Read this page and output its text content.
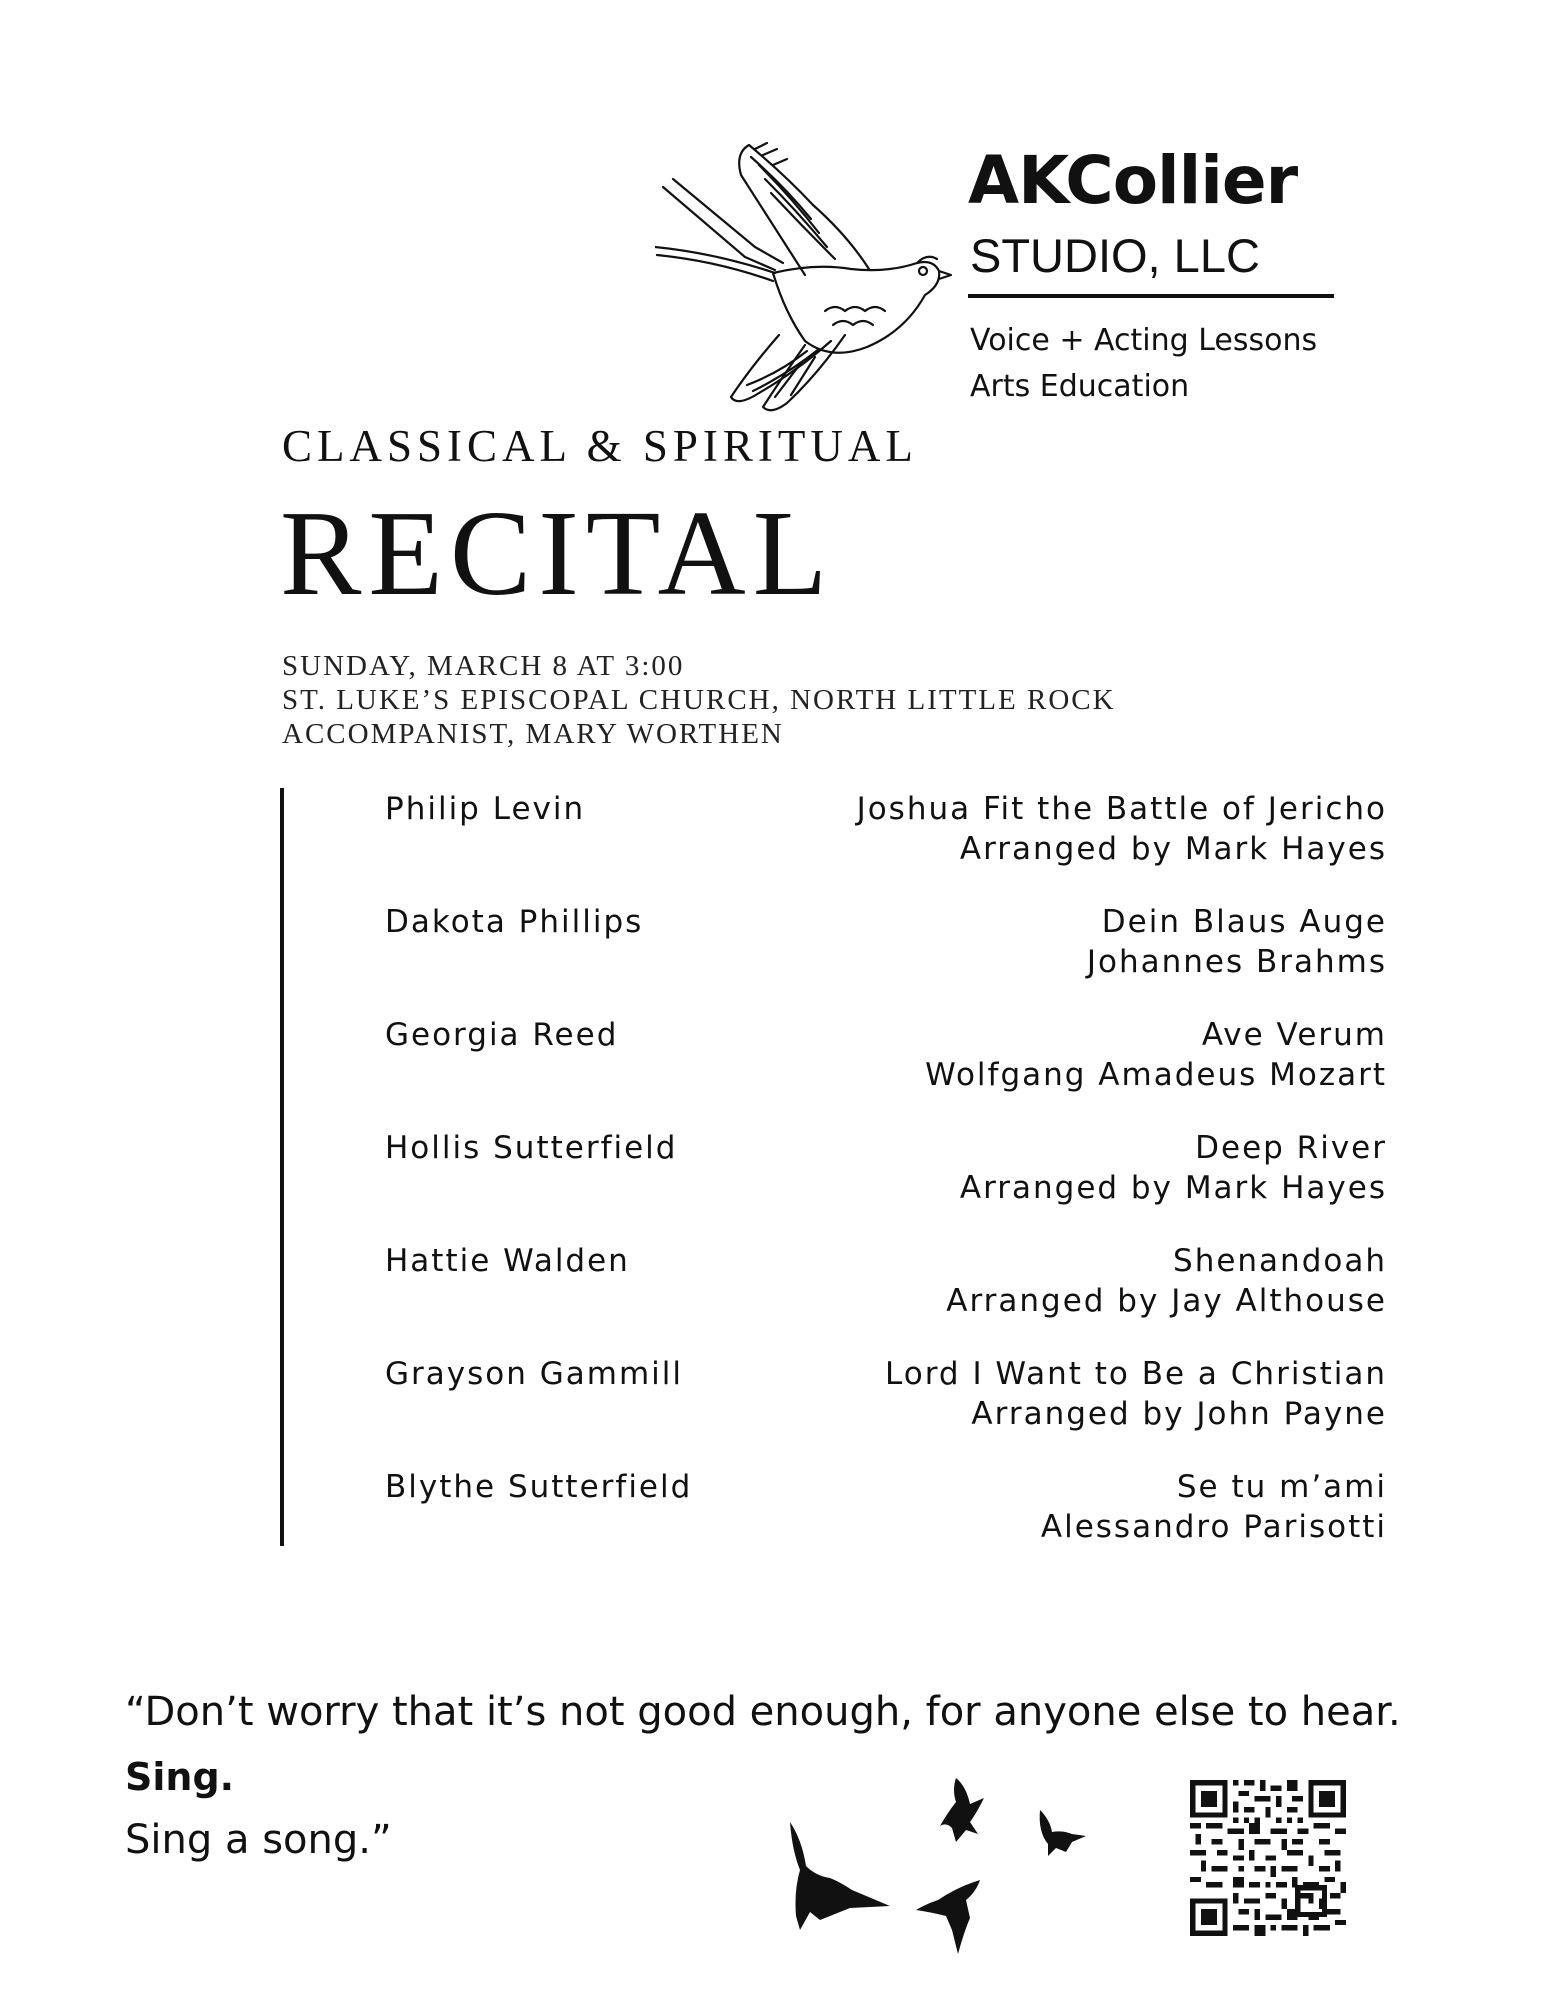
AKCollier
STUDIO, LLC
Voice + Acting Lessons
Arts Education
CLASSICAL & SPIRITUAL
RECITAL
SUNDAY, MARCH 8 AT 3:00
ST. LUKE’S EPISCOPAL CHURCH, NORTH LITTLE ROCK
ACCOMPANIST, MARY WORTHEN
Philip Levin	Joshua Fit the Battle of Jericho
Arranged by Mark Hayes
Dakota Phillips	Dein Blaus Auge
Johannes Brahms
Georgia Reed	Ave Verum
Wolfgang Amadeus Mozart
Hollis Sutterfield	Deep River
Arranged by Mark Hayes
Hattie Walden	Shenandoah
Arranged by Jay Althouse
Grayson Gammill	Lord I Want to Be a Christian
Arranged by John Payne
Blythe Sutterfield	Se tu m’ami
Alessandro Parisotti
“Don’t worry that it’s not good enough, for anyone else to hear.
Sing.
Sing a song.”
